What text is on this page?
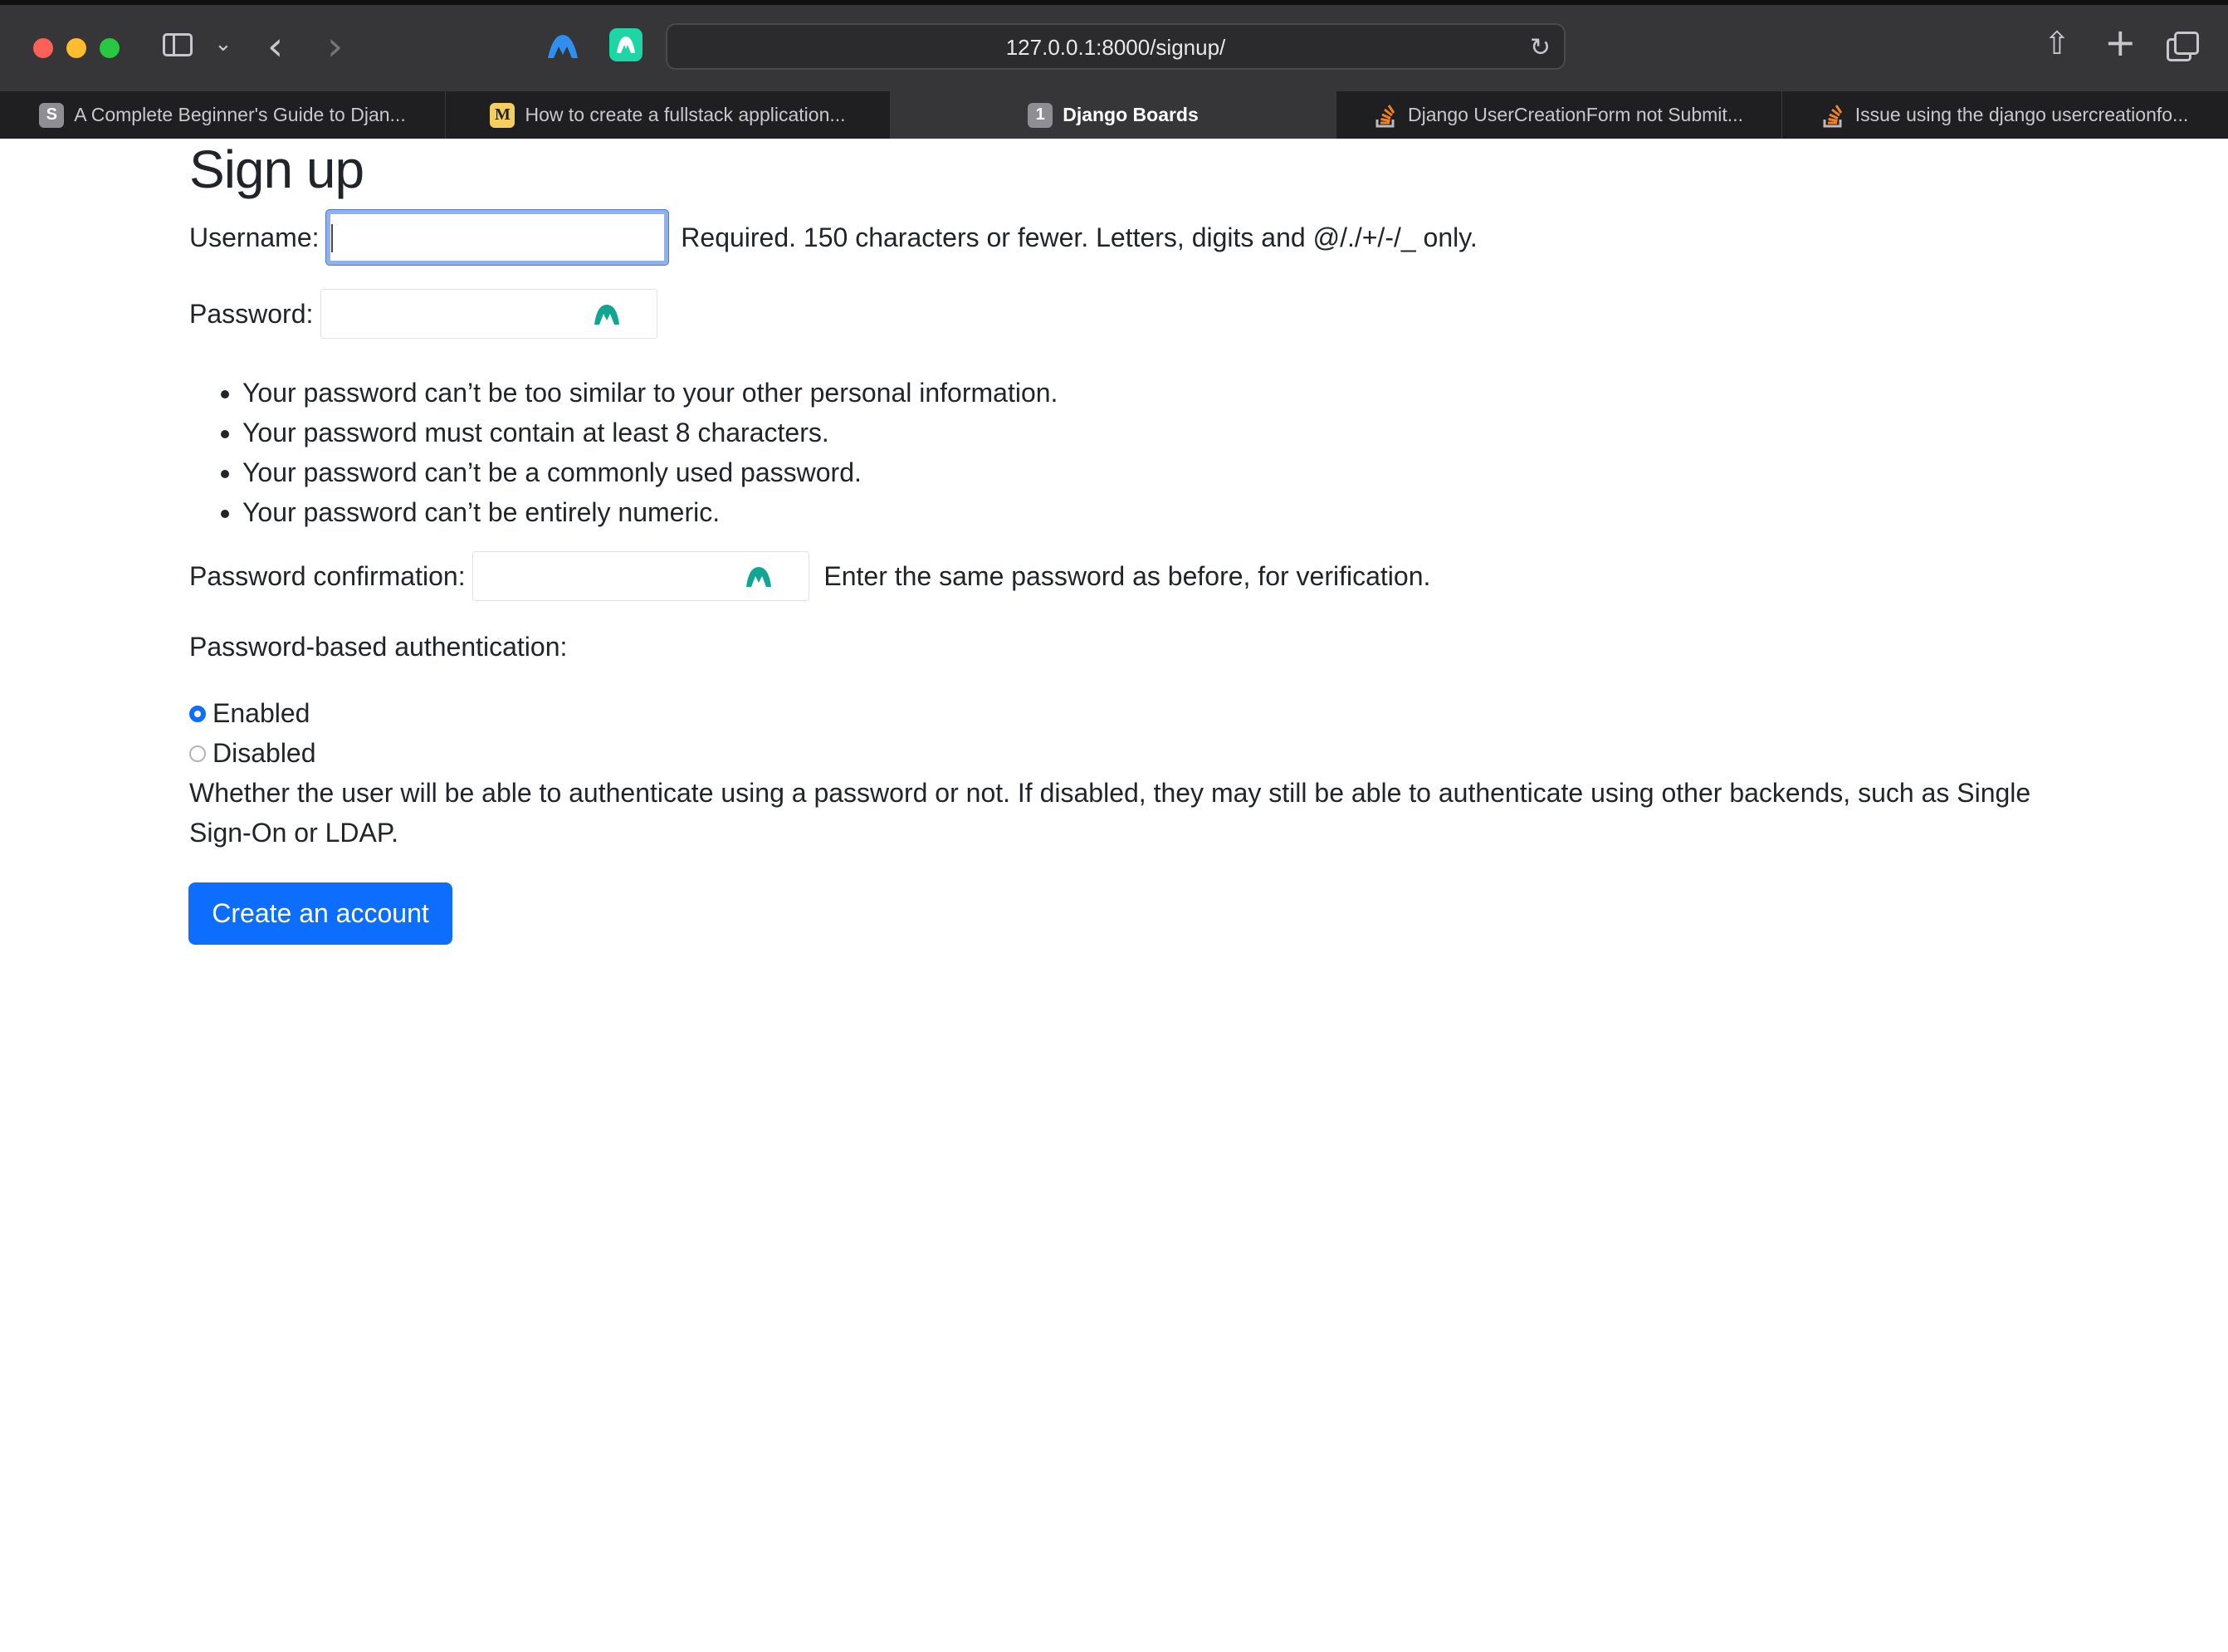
⌄ ‹ ›	127.0.0.1:8000/signup/	↻	⇧ +
S A Complete Beginner's Guide to Djan...	M How to create a fullstack application...	1 Django Boards	Django UserCreationForm not Submit...	Issue using the django usercreationfo...
Sign up
Username:	Required. 150 characters or fewer. Letters, digits and @/./+/-/_ only.
Password:
• Your password can’t be too similar to your other personal information.
• Your password must contain at least 8 characters.
• Your password can’t be a commonly used password.
• Your password can’t be entirely numeric.
Password confirmation:	Enter the same password as before, for verification.
Password-based authentication:
Enabled
Disabled
Whether the user will be able to authenticate using a password or not. If disabled, they may still be able to authenticate using other backends, such as Single Sign-On or LDAP.
Create an account
